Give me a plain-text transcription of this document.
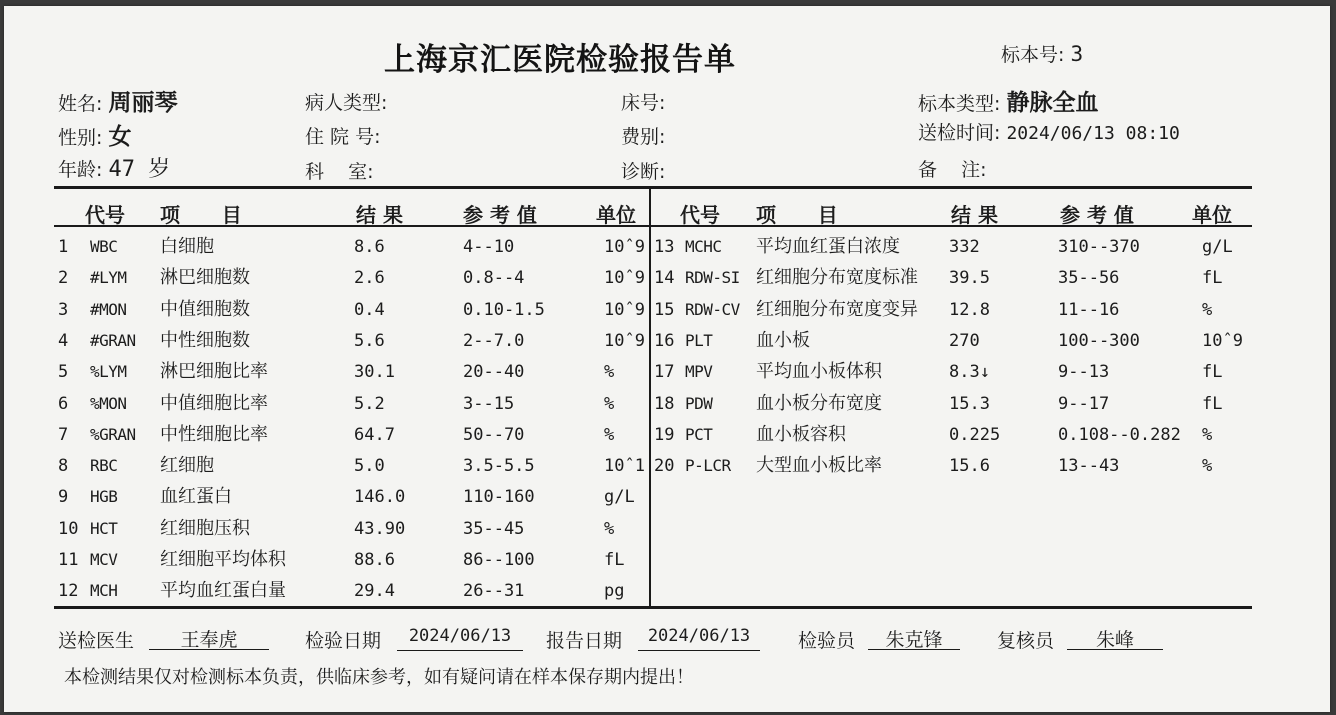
上海京汇医院检验报告单	标本号: 3
姓名: 周丽琴
性别: 女
年龄: 47 岁
病人类型:
住 院 号:
科    室:
床号:
费别:
诊断:
标本类型: 静脉全血
送检时间: 2024/06/13 08:10
备    注:
代号 项      目	结 果	参 考 值	单位 代号 项      目	结 果	参 考 值	单位
1 WBC	白细胞	8.6	4--10	10ˆ9
2 #LYM	淋巴细胞数	2.6	0.8--4	10ˆ9
3 #MON	中值细胞数	0.4	0.10-1.5	10ˆ9
4 #GRAN	中性细胞数	5.6	2--7.0	10ˆ9
5 %LYM	淋巴细胞比率	30.1	20--40	%
6 %MON	中值细胞比率	5.2	3--15	%
7 %GRAN	中性细胞比率	64.7	50--70	%
8 RBC	红细胞	5.0	3.5-5.5	10ˆ1
9 HGB	血红蛋白	146.0	110-160	g/L
10 HCT	红细胞压积	43.90	35--45	%
11 MCV	红细胞平均体积	88.6	86--100	fL
12 MCH	平均血红蛋白量	29.4	26--31	pg
13 MCHC	平均血红蛋白浓度	332	310--370	g/L
14 RDW-SI 红细胞分布宽度标准	39.5	35--56	fL
15 RDW-CV 红细胞分布宽度变异	12.8	11--16	%
16 PLT	血小板	270	100--300	10ˆ9
17 MPV	平均血小板体积	8.3↓	9--13	fL
18 PDW	血小板分布宽度	15.3	9--17	fL
19 PCT	血小板容积	0.225	0.108--0.282 %
20 P-LCR	大型血小板比率	15.6	13--43	%
送检医生	王奉虎	检验日期	2024/06/13	报告日期	2024/06/13	检验员	朱克锋	复核员	朱峰
本检测结果仅对检测标本负责，供临床参考，如有疑问请在样本保存期内提出！
